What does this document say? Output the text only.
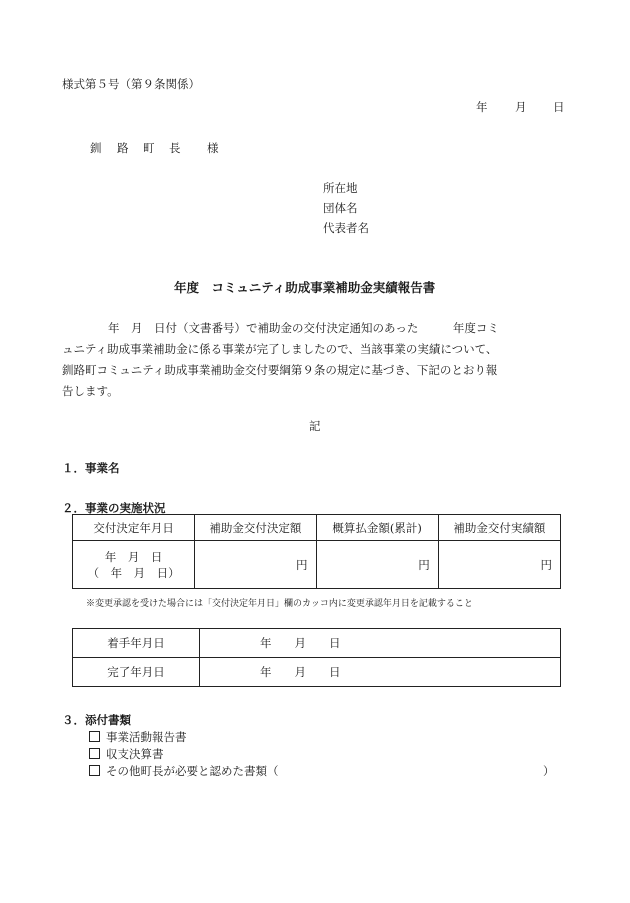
様式第５号（第９条関係）
年 月 日
釧 路 町 長 様
所在地
団体名
代表者名
年度　コミュニティ助成事業補助金実績報告書
　　　　年　月　日付（文書番号）で補助金の交付決定通知のあった　　　年度コミ
ュニティ助成事業補助金に係る事業が完了しましたので、当該事業の実績について、
釧路町コミュニティ助成事業補助金交付要綱第９条の規定に基づき、下記のとおり報
告します。
記
１．事業名
２．事業の実施状況
交付決定年月日	補助金交付決定額	概算払金額(累計)	補助金交付実績額

年　月　日
（　年　月　日）	円	円	円
※変更承認を受けた場合には「交付決定年月日」欄のカッコ内に変更承認年月日を記載すること
着手年月日	年　　月　　日
完了年月日	年　　月　　日
３．添付書類
事業活動報告書
収支決算書
その他町長が必要と認めた書類（　　　　　　　　　　　　　　　　　　　　　　　）
